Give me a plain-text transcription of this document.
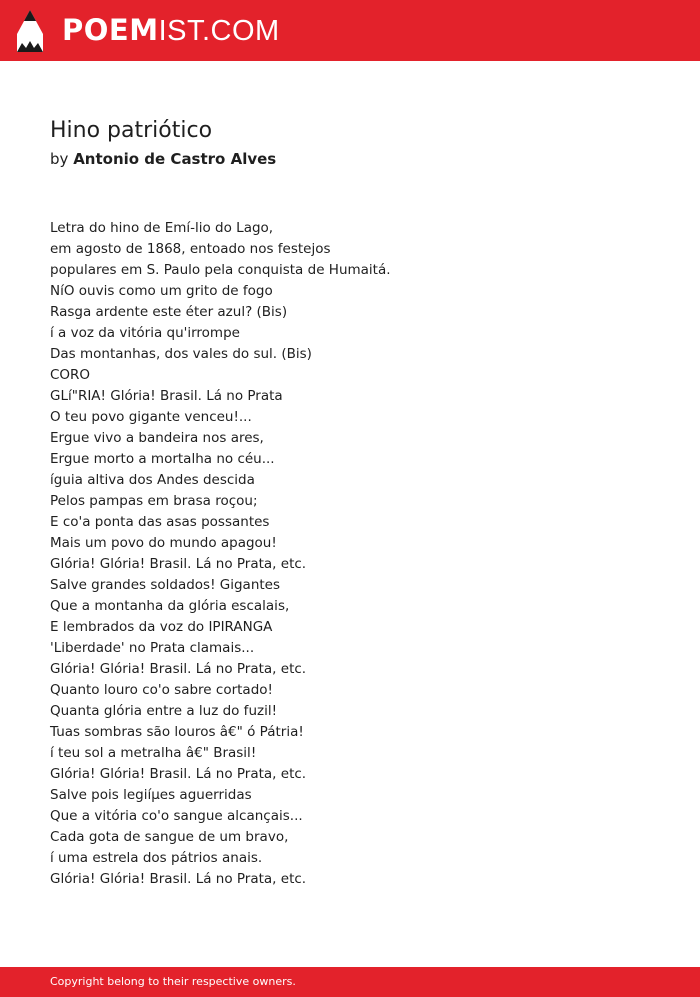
POEMIST.COM
Hino patriótico
by Antonio de Castro Alves
Letra do hino de Emí-lio do Lago,
em agosto de 1868, entoado nos festejos
populares em S. Paulo pela conquista de Humaitá.
NíO ouvis como um grito de fogo
Rasga ardente este éter azul? (Bis)
í a voz da vitória qu'irrompe
Das montanhas, dos vales do sul. (Bis)
CORO
GLí"RIA! Glória! Brasil. Lá no Prata
O teu povo gigante venceu!...
Ergue vivo a bandeira nos ares,
Ergue morto a mortalha no céu...
íguia altiva dos Andes descida
Pelos pampas em brasa roçou;
E co'a ponta das asas possantes
Mais um povo do mundo apagou!
Glória! Glória! Brasil. Lá no Prata, etc.
Salve grandes soldados! Gigantes
Que a montanha da glória escalais,
E lembrados da voz do IPIRANGA
'Liberdade' no Prata clamais...
Glória! Glória! Brasil. Lá no Prata, etc.
Quanto louro co'o sabre cortado!
Quanta glória entre a luz do fuzil!
Tuas sombras são louros â€" ó Pátria!
í teu sol a metralha â€" Brasil!
Glória! Glória! Brasil. Lá no Prata, etc.
Salve pois legiíµes aguerridas
Que a vitória co'o sangue alcançais...
Cada gota de sangue de um bravo,
í uma estrela dos pátrios anais.
Glória! Glória! Brasil. Lá no Prata, etc.
Copyright belong to their respective owners.
